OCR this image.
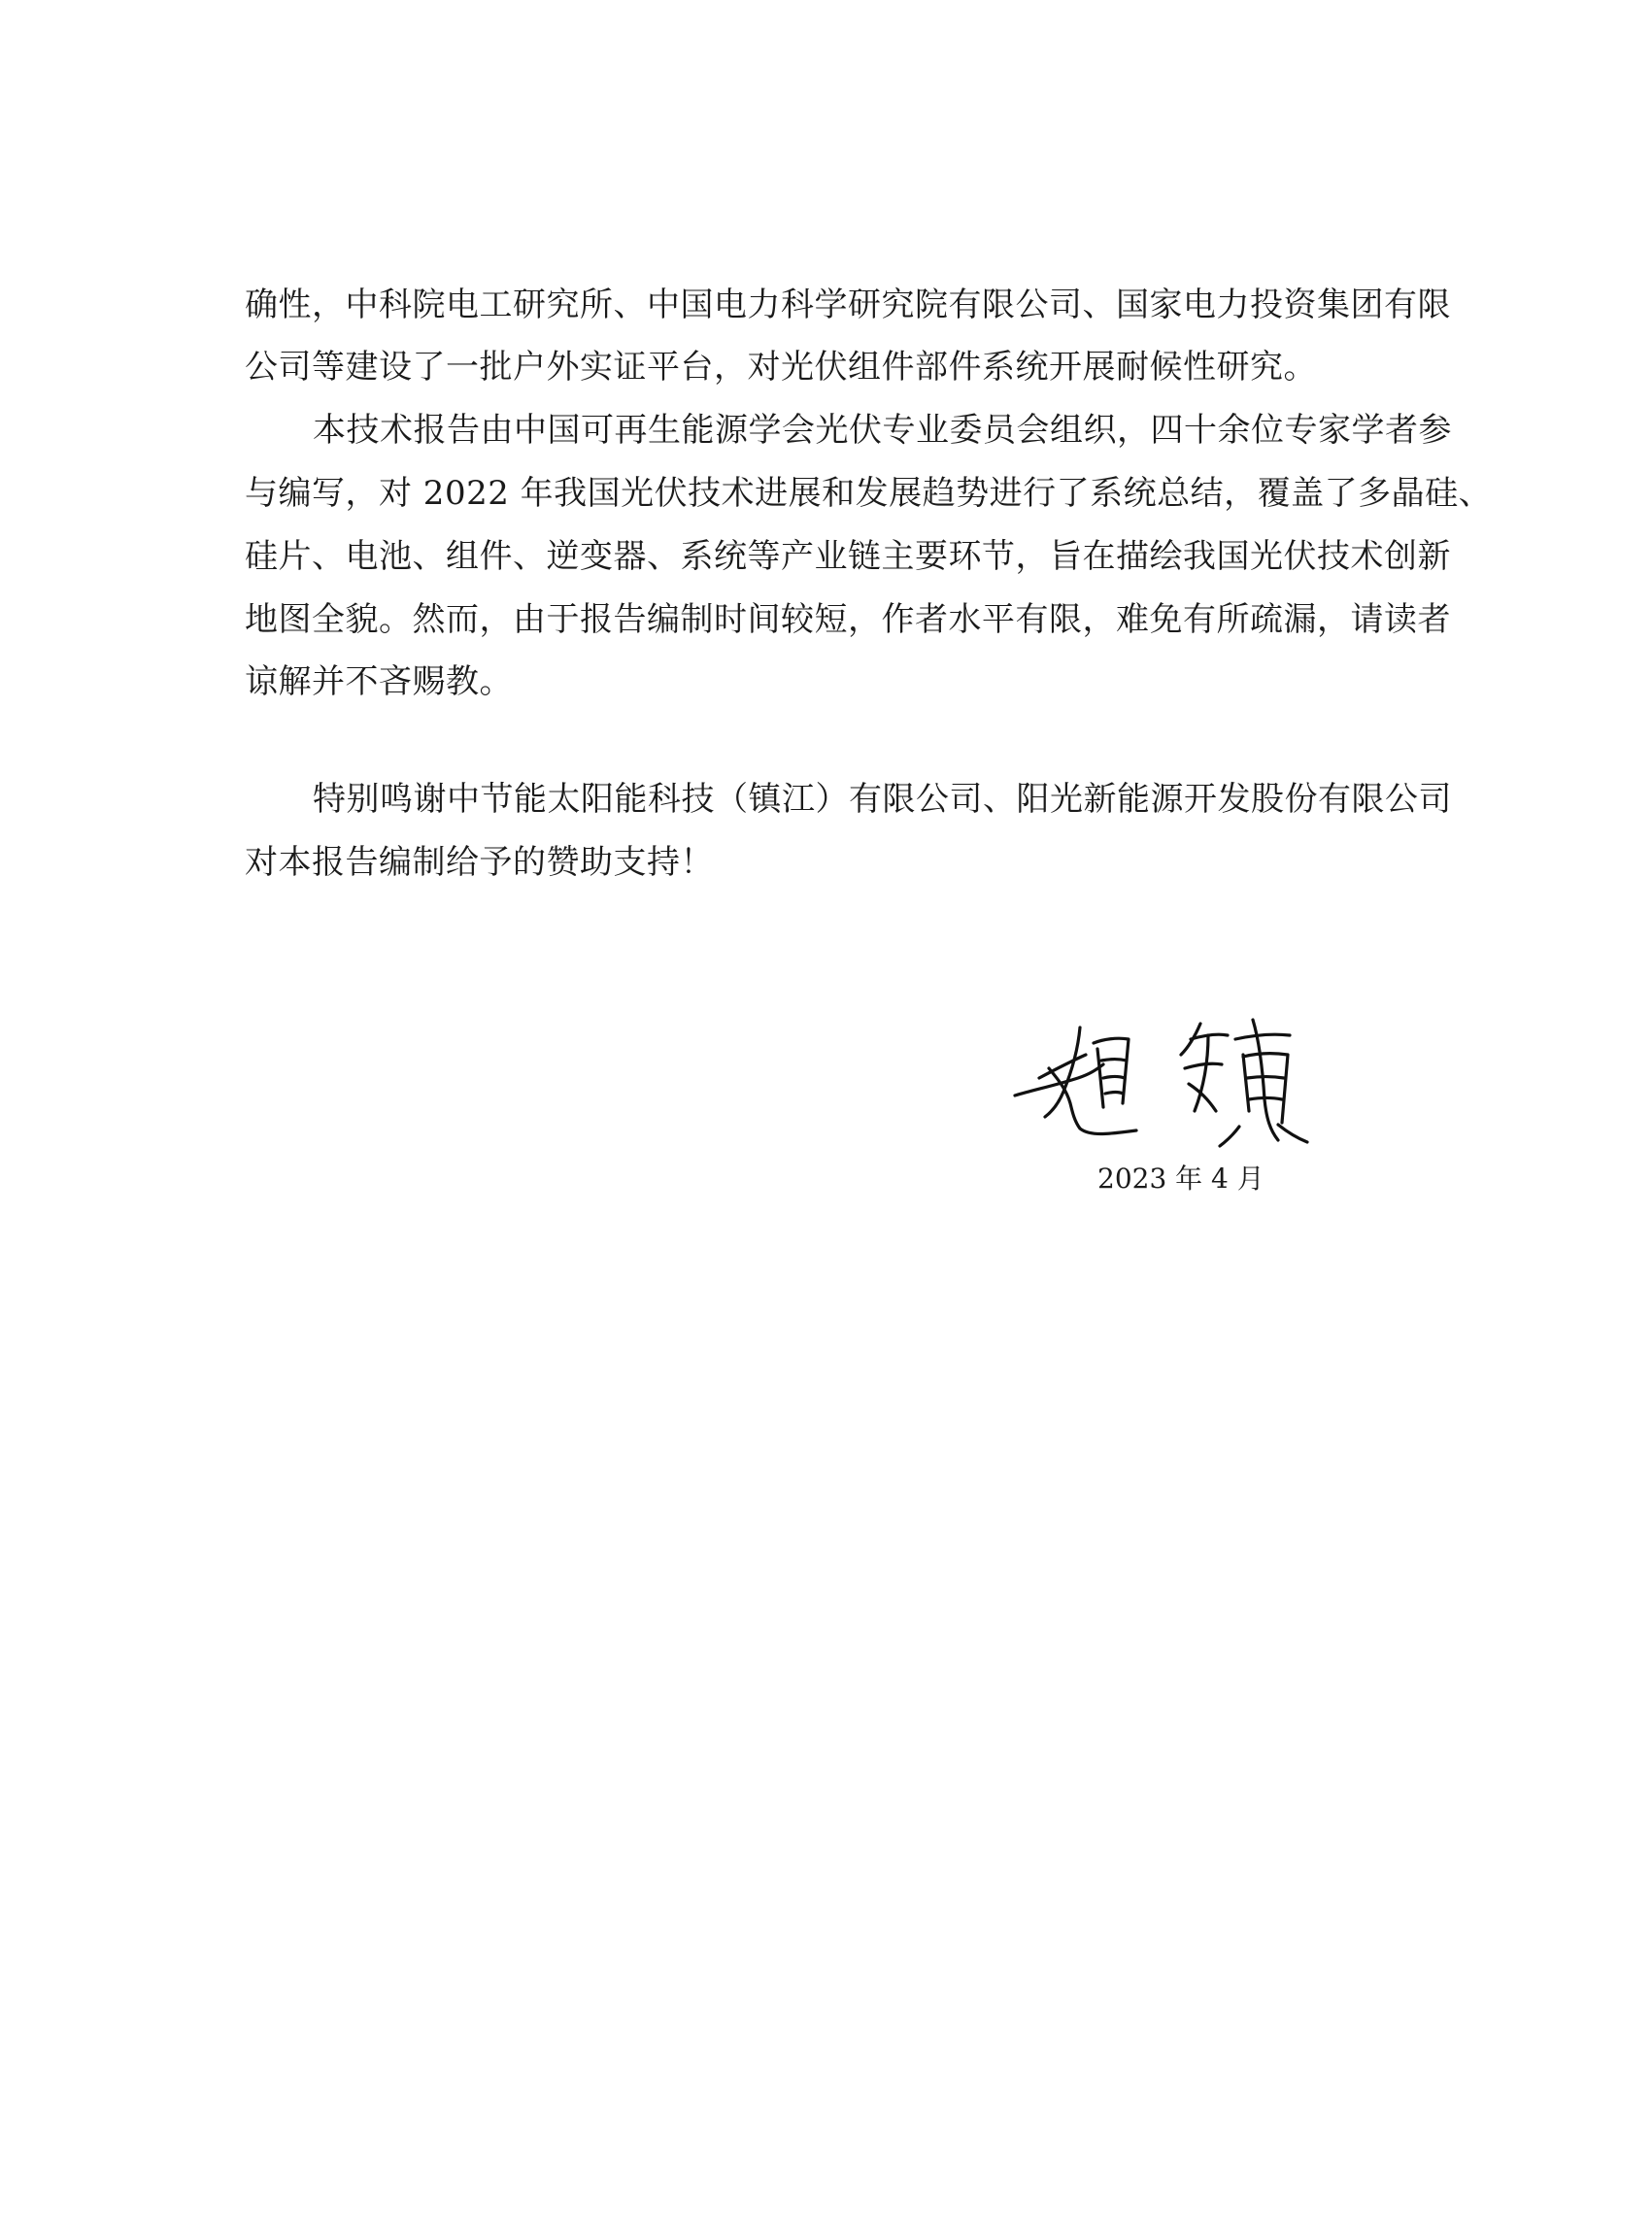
确性，中科院电工研究所、中国电力科学研究院有限公司、国家电力投资集团有限
公司等建设了一批户外实证平台，对光伏组件部件系统开展耐候性研究。
本技术报告由中国可再生能源学会光伏专业委员会组织，四十余位专家学者参
与编写，对 2022 年我国光伏技术进展和发展趋势进行了系统总结，覆盖了多晶硅、
硅片、电池、组件、逆变器、系统等产业链主要环节，旨在描绘我国光伏技术创新
地图全貌。然而，由于报告编制时间较短，作者水平有限，难免有所疏漏，请读者
谅解并不吝赐教。
特别鸣谢中节能太阳能科技（镇江）有限公司、阳光新能源开发股份有限公司
对本报告编制给予的赞助支持！
2023 年 4 月
